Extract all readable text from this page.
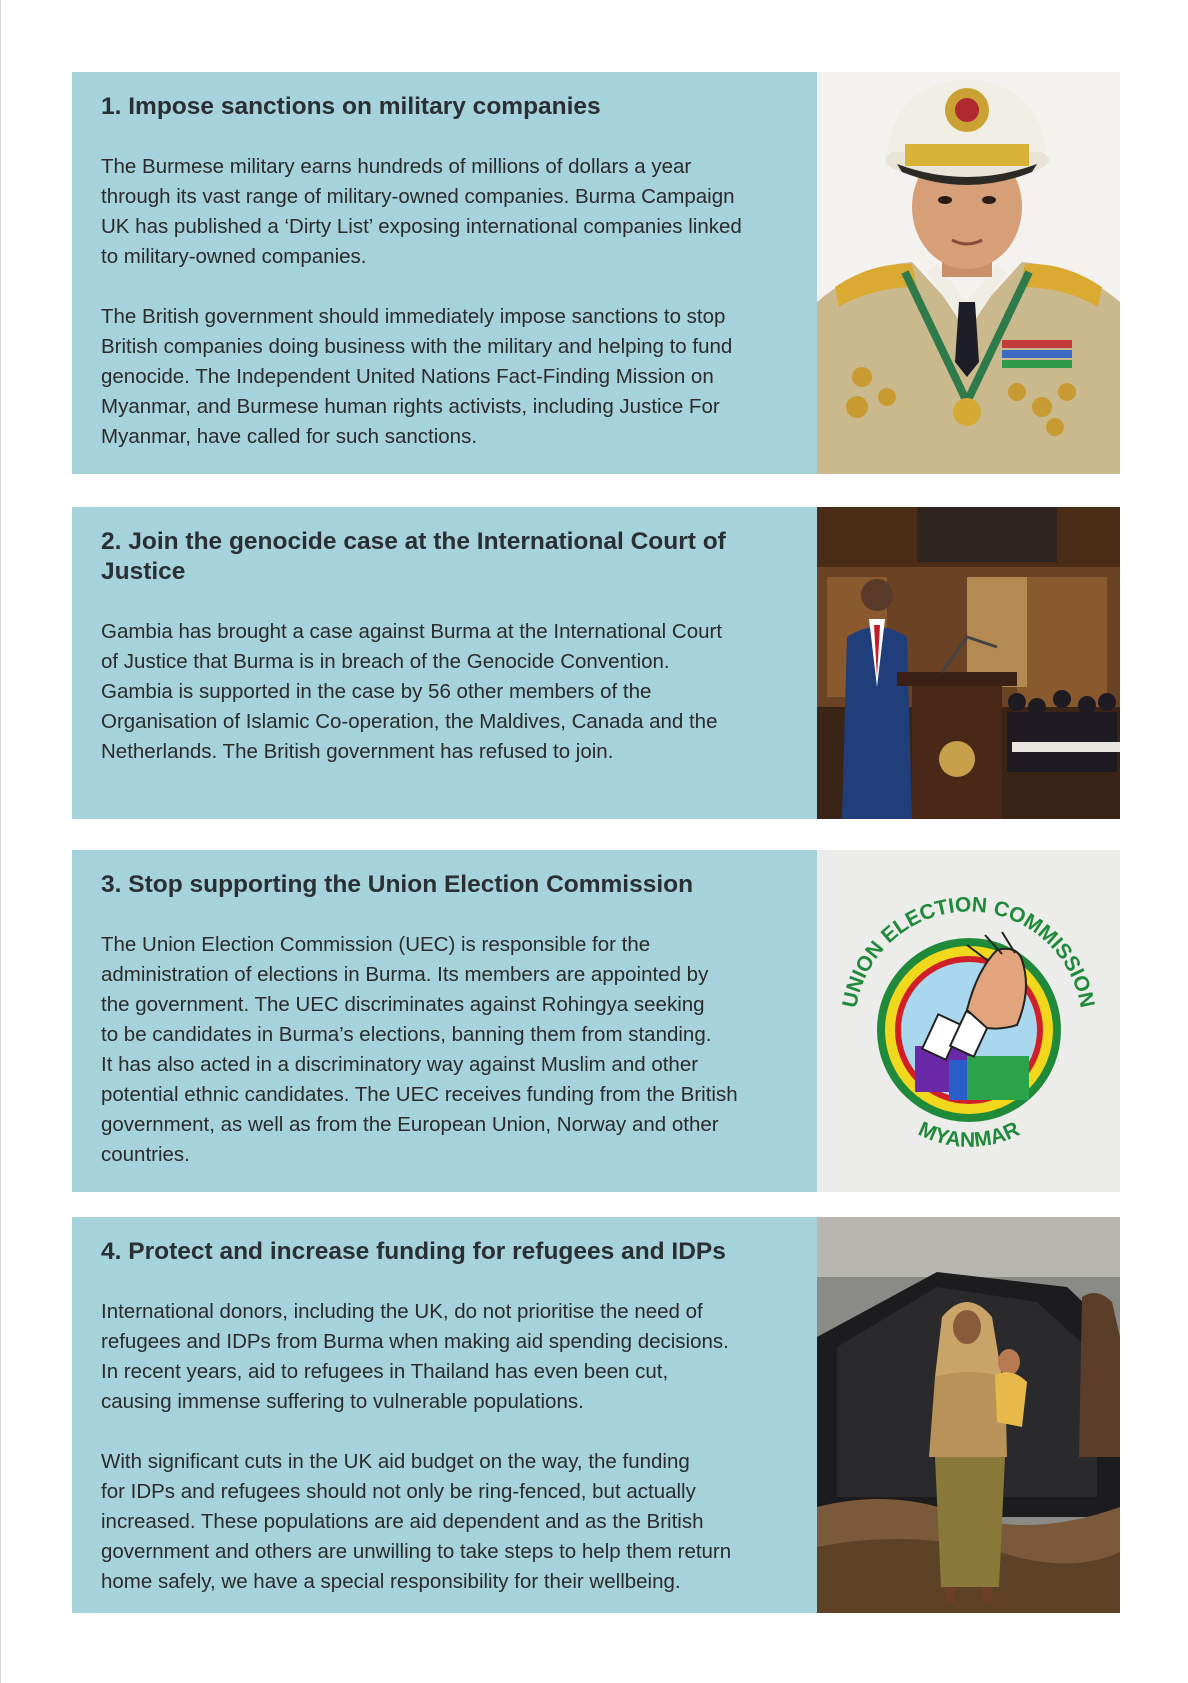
1. Impose sanctions on military companies

The Burmese military earns hundreds of millions of dollars a year
through its vast range of military-owned companies. Burma Campaign
UK has published a ‘Dirty List’ exposing international companies linked
to military-owned companies.

The British government should immediately impose sanctions to stop
British companies doing business with the military and helping to fund
genocide. The Independent United Nations Fact-Finding Mission on
Myanmar, and Burmese human rights activists, including Justice For
Myanmar, have called for such sanctions.

2. Join the genocide case at the International Court of Justice

Gambia has brought a case against Burma at the International Court
of Justice that Burma is in breach of the Genocide Convention.
Gambia is supported in the case by 56 other members of the
Organisation of Islamic Co-operation, the Maldives, Canada and the
Netherlands. The British government has refused to join.

3. Stop supporting the Union Election Commission

The Union Election Commission (UEC) is responsible for the
administration of elections in Burma. Its members are appointed by
the government. The UEC discriminates against Rohingya seeking
to be candidates in Burma’s elections, banning them from standing.
It has also acted in a discriminatory way against Muslim and other
potential ethnic candidates. The UEC receives funding from the British
government, as well as from the European Union, Norway and other
countries.

UNION ELECTION COMMISSION
MYANMAR
4. Protect and increase funding for refugees and IDPs

International donors, including the UK, do not prioritise the need of
refugees and IDPs from Burma when making aid spending decisions.
In recent years, aid to refugees in Thailand has even been cut,
causing immense suffering to vulnerable populations.

With significant cuts in the UK aid budget on the way, the funding
for IDPs and refugees should not only be ring-fenced, but actually
increased. These populations are aid dependent and as the British
government and others are unwilling to take steps to help them return
home safely, we have a special responsibility for their wellbeing.
